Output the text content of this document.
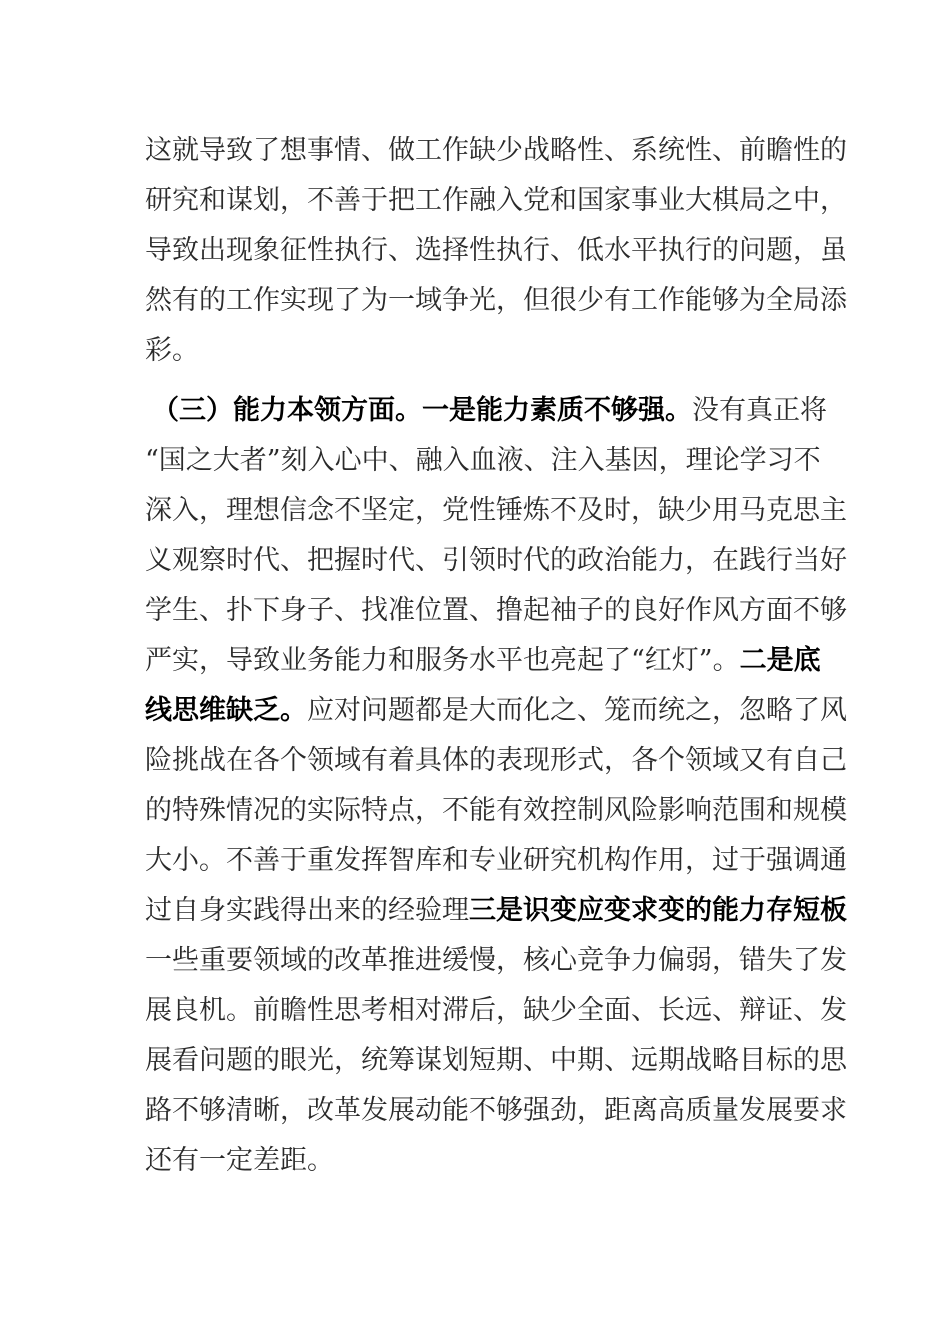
这就导致了想事情、做工作缺少战略性、系统性、前瞻性的
研究和谋划，不善于把工作融入党和国家事业大棋局之中，
导致出现象征性执行、选择性执行、低水平执行的问题，虽
然有的工作实现了为一域争光，但很少有工作能够为全局添
彩。
（三）能力本领方面。一是能力素质不够强。没有真正将
“国之大者”刻入心中、融入血液、注入基因，理论学习不
深入，理想信念不坚定，党性锤炼不及时，缺少用马克思主
义观察时代、把握时代、引领时代的政治能力，在践行当好
学生、扑下身子、找准位置、撸起袖子的良好作风方面不够
严实，导致业务能力和服务水平也亮起了“红灯”。二是底
线思维缺乏。应对问题都是大而化之、笼而统之，忽略了风
险挑战在各个领域有着具体的表现形式，各个领域又有自己
的特殊情况的实际特点，不能有效控制风险影响范围和规模
大小。不善于重发挥智库和专业研究机构作用，过于强调通
过自身实践得出来的经验理三是识变应变求变的能力存短板
一些重要领域的改革推进缓慢，核心竞争力偏弱，错失了发
展良机。前瞻性思考相对滞后，缺少全面、长远、辩证、发
展看问题的眼光，统筹谋划短期、中期、远期战略目标的思
路不够清晰，改革发展动能不够强劲，距离高质量发展要求
还有一定差距。
